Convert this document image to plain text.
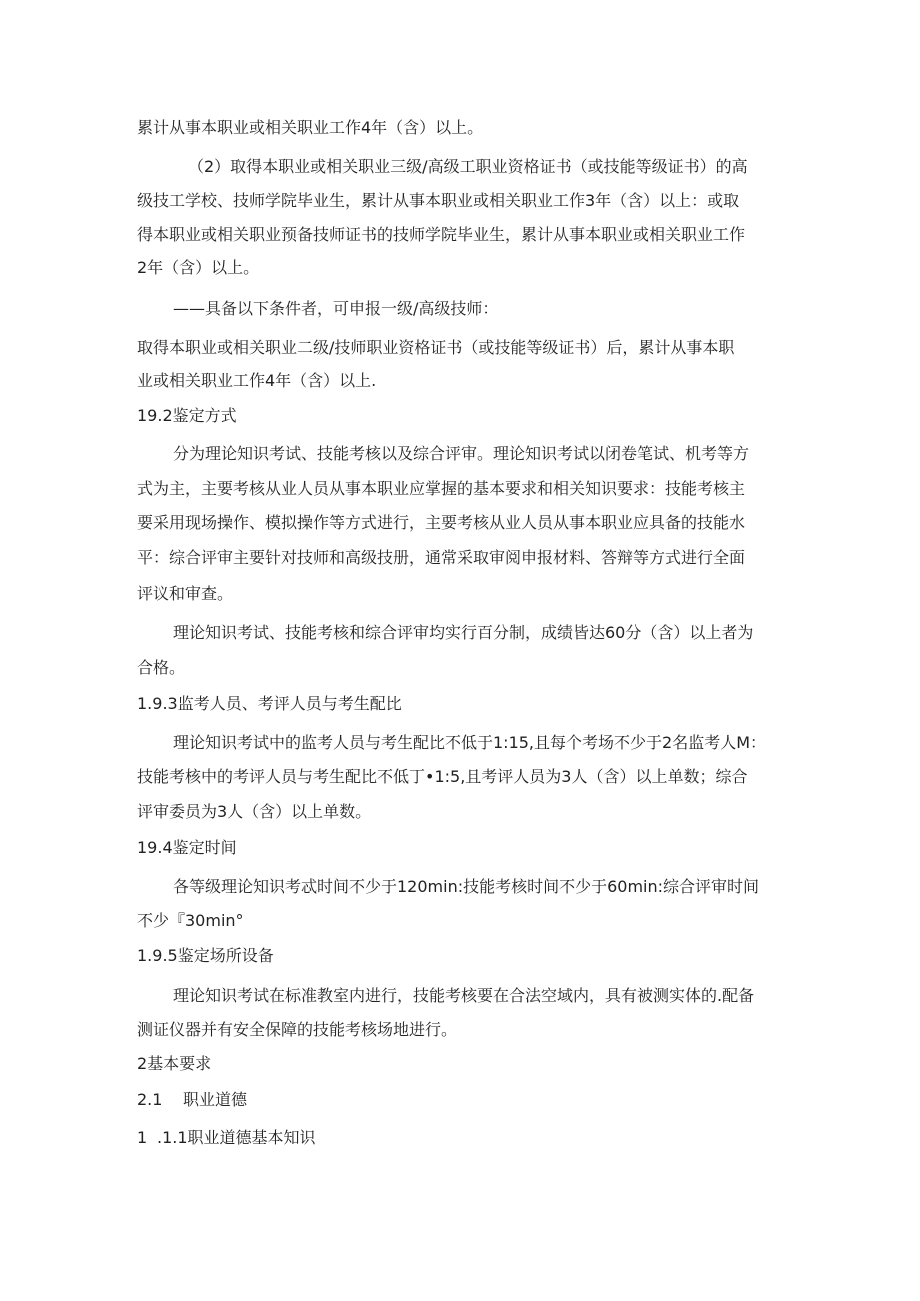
累计从事本职业或相关职业工作4年（含）以上。
（2）取得本职业或相关职业三级/高级工职业资格证书（或技能等级证书）的高
级技工学校、技师学院毕业生，累计从事本职业或相关职业工作3年（含）以上：或取
得本职业或相关职业预备技师证书的技师学院毕业生，累计从事本职业或相关职业工作
2年（含）以上。
——具备以下条件者，可申报一级/高级技师：
取得本职业或相关职业二级/技师职业资格证书（或技能等级证书）后，累计从事本职
业或相关职业工作4年（含）以上.
19.2鉴定方式
分为理论知识考试、技能考核以及综合评审。理论知识考试以闭卷笔试、机考等方
式为主，主要考核从业人员从事本职业应掌握的基本要求和相关知识要求：技能考核主
要采用现场操作、模拟操作等方式进行，主要考核从业人员从事本职业应具备的技能水
平：综合评审主要针对技师和高级技册，通常采取审阅申报材料、答辩等方式进行全面
评议和审查。
理论知识考试、技能考核和综合评审均实行百分制，成绩皆达60分（含）以上者为
合格。
1.9.3监考人员、考评人员与考生配比
理论知识考试中的监考人员与考生配比不低于1:15,且每个考场不少于2名监考人M：
技能考核中的考评人员与考生配比不低丁•1:5,且考评人员为3人（含）以上单数；综合
评审委员为3人（含）以上单数。
19.4鉴定时间
各等级理论知识考忒时间不少于120min:技能考核时间不少于60min:综合评审时间
不少『30min°
1.9.5鉴定场所设备
理论知识考试在标准教室内进行，技能考核要在合法空域内，具有被测实体的.配备
测证仪器并有安全保障的技能考核场地进行。
2基本要求
2.1 职业道德
1 .1.1职业道德基本知识
